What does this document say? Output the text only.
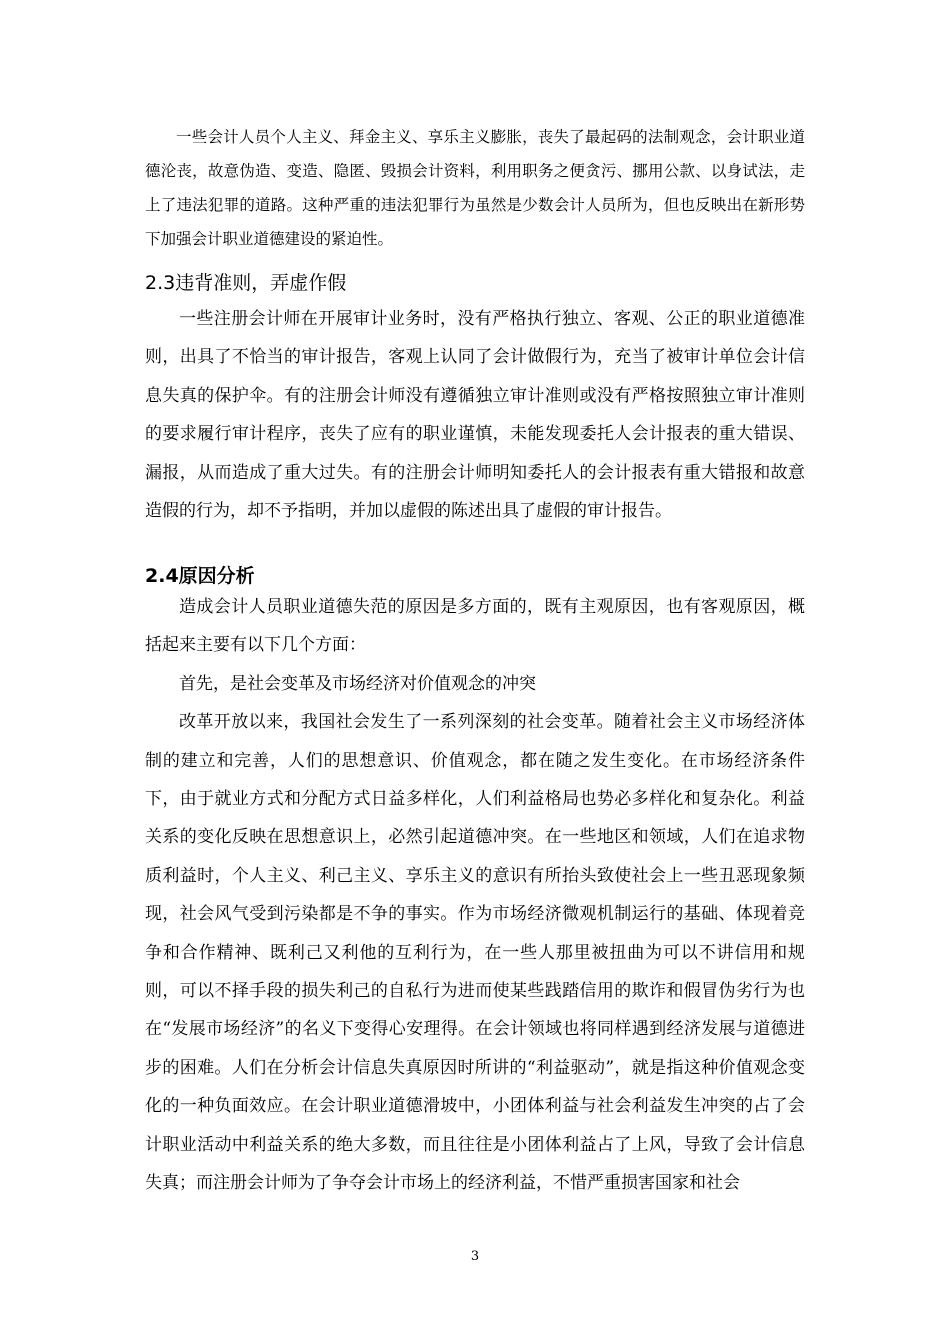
一些会计人员个人主义、拜金主义、享乐主义膨胀，丧失了最起码的法制观念，会计职业道德沦丧，故意伪造、变造、隐匿、毁损会计资料，利用职务之便贪污、挪用公款、以身试法，走上了违法犯罪的道路。这种严重的违法犯罪行为虽然是少数会计人员所为，但也反映出在新形势下加强会计职业道德建设的紧迫性。

2.3违背准则，弄虚作假

一些注册会计师在开展审计业务时，没有严格执行独立、客观、公正的职业道德准则，出具了不恰当的审计报告，客观上认同了会计做假行为，充当了被审计单位会计信息失真的保护伞。有的注册会计师没有遵循独立审计准则或没有严格按照独立审计准则的要求履行审计程序，丧失了应有的职业谨慎，未能发现委托人会计报表的重大错误、漏报，从而造成了重大过失。有的注册会计师明知委托人的会计报表有重大错报和故意造假的行为，却不予指明，并加以虚假的陈述出具了虚假的审计报告。

2.4原因分析

造成会计人员职业道德失范的原因是多方面的，既有主观原因，也有客观原因，概括起来主要有以下几个方面：

首先，是社会变革及市场经济对价值观念的冲突

改革开放以来，我国社会发生了一系列深刻的社会变革。随着社会主义市场经济体制的建立和完善，人们的思想意识、价值观念，都在随之发生变化。在市场经济条件下，由于就业方式和分配方式日益多样化，人们利益格局也势必多样化和复杂化。利益关系的变化反映在思想意识上，必然引起道德冲突。在一些地区和领域，人们在追求物质利益时，个人主义、利己主义、享乐主义的意识有所抬头致使社会上一些丑恶现象频现，社会风气受到污染都是不争的事实。作为市场经济微观机制运行的基础、体现着竞争和合作精神、既利己又利他的互利行为，在一些人那里被扭曲为可以不讲信用和规则，可以不择手段的损失利己的自私行为进而使某些践踏信用的欺诈和假冒伪劣行为也在“发展市场经济”的名义下变得心安理得。在会计领域也将同样遇到经济发展与道德进步的困难。人们在分析会计信息失真原因时所讲的“利益驱动”，就是指这种价值观念变化的一种负面效应。在会计职业道德滑坡中，小团体利益与社会利益发生冲突的占了会计职业活动中利益关系的绝大多数，而且往往是小团体利益占了上风，导致了会计信息失真；而注册会计师为了争夺会计市场上的经济利益，不惜严重损害国家和社会

3
